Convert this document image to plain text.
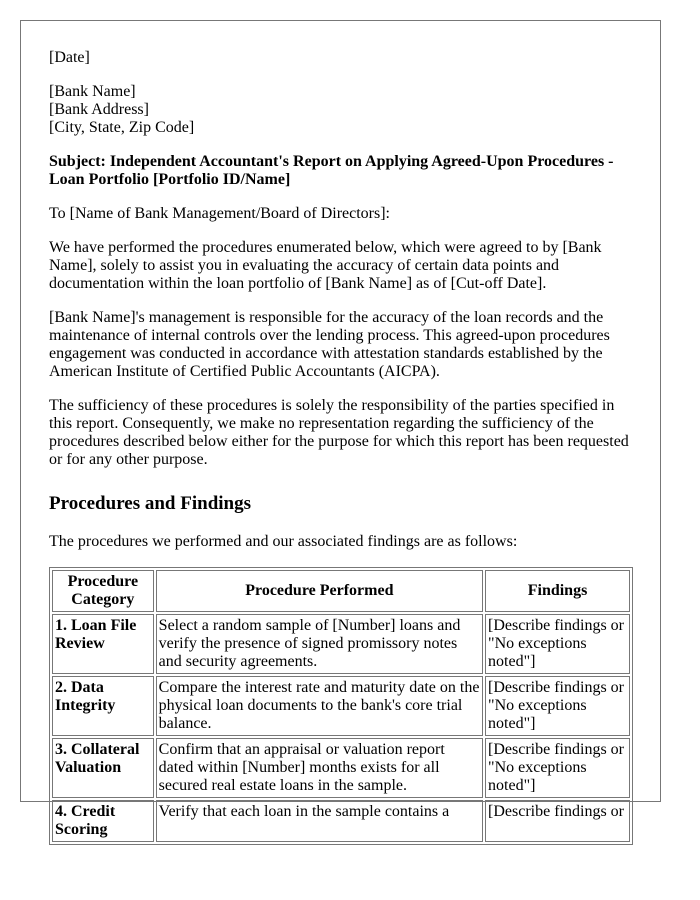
[Date]

[Bank Name]

[Bank Address]

[City, State, Zip Code]

Subject: Independent Accountant's Report on Applying Agreed-Upon Procedures - Loan Portfolio [Portfolio ID/Name]

To [Name of Bank Management/Board of Directors]:

We have performed the procedures enumerated below, which were agreed to by [Bank Name], solely to assist you in evaluating the accuracy of certain data points and documentation within the loan portfolio of [Bank Name] as of [Cut-off Date].

[Bank Name]'s management is responsible for the accuracy of the loan records and the maintenance of internal controls over the lending process. This agreed-upon procedures engagement was conducted in accordance with attestation standards established by the American Institute of Certified Public Accountants (AICPA).

The sufficiency of these procedures is solely the responsibility of the parties specified in this report. Consequently, we make no representation regarding the sufficiency of the procedures described below either for the purpose for which this report has been requested or for any other purpose.

Procedures and Findings

The procedures we performed and our associated findings are as follows:

Procedure Category	Procedure Performed	Findings
1. Loan File Review	Select a random sample of [Number] loans and verify the presence of signed promissory notes and security agreements.	[Describe findings or "No exceptions noted"]
2. Data Integrity	Compare the interest rate and maturity date on the physical loan documents to the bank's core trial balance.	[Describe findings or "No exceptions noted"]
3. Collateral Valuation	Confirm that an appraisal or valuation report dated within [Number] months exists for all secured real estate loans in the sample.	[Describe findings or "No exceptions noted"]
4. Credit Scoring	Verify that each loan in the sample contains a	[Describe findings or
